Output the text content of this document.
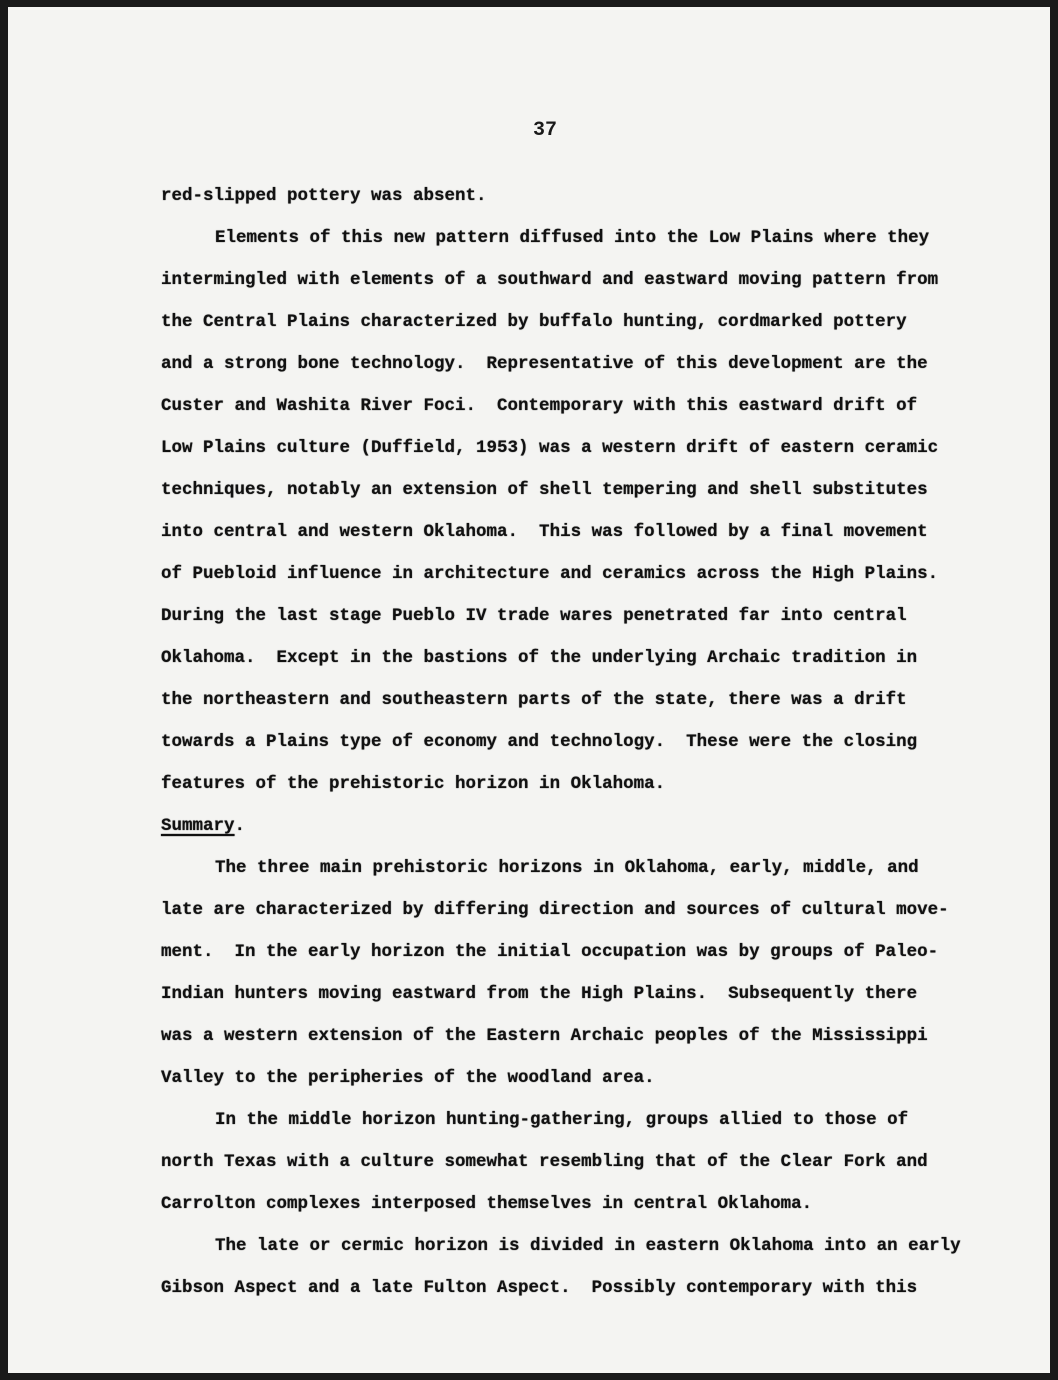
37
red-slipped pottery was absent.
Elements of this new pattern diffused into the Low Plains where they
intermingled with elements of a southward and eastward moving pattern from
the Central Plains characterized by buffalo hunting, cordmarked pottery
and a strong bone technology.  Representative of this development are the
Custer and Washita River Foci.  Contemporary with this eastward drift of
Low Plains culture (Duffield, 1953) was a western drift of eastern ceramic
techniques, notably an extension of shell tempering and shell substitutes
into central and western Oklahoma.  This was followed by a final movement
of Puebloid influence in architecture and ceramics across the High Plains.
During the last stage Pueblo IV trade wares penetrated far into central
Oklahoma.  Except in the bastions of the underlying Archaic tradition in
the northeastern and southeastern parts of the state, there was a drift
towards a Plains type of economy and technology.  These were the closing
features of the prehistoric horizon in Oklahoma.
Summary.
The three main prehistoric horizons in Oklahoma, early, middle, and
late are characterized by differing direction and sources of cultural move-
ment.  In the early horizon the initial occupation was by groups of Paleo-
Indian hunters moving eastward from the High Plains.  Subsequently there
was a western extension of the Eastern Archaic peoples of the Mississippi
Valley to the peripheries of the woodland area.
In the middle horizon hunting-gathering, groups allied to those of
north Texas with a culture somewhat resembling that of the Clear Fork and
Carrolton complexes interposed themselves in central Oklahoma.
The late or cermic horizon is divided in eastern Oklahoma into an early
Gibson Aspect and a late Fulton Aspect.  Possibly contemporary with this
